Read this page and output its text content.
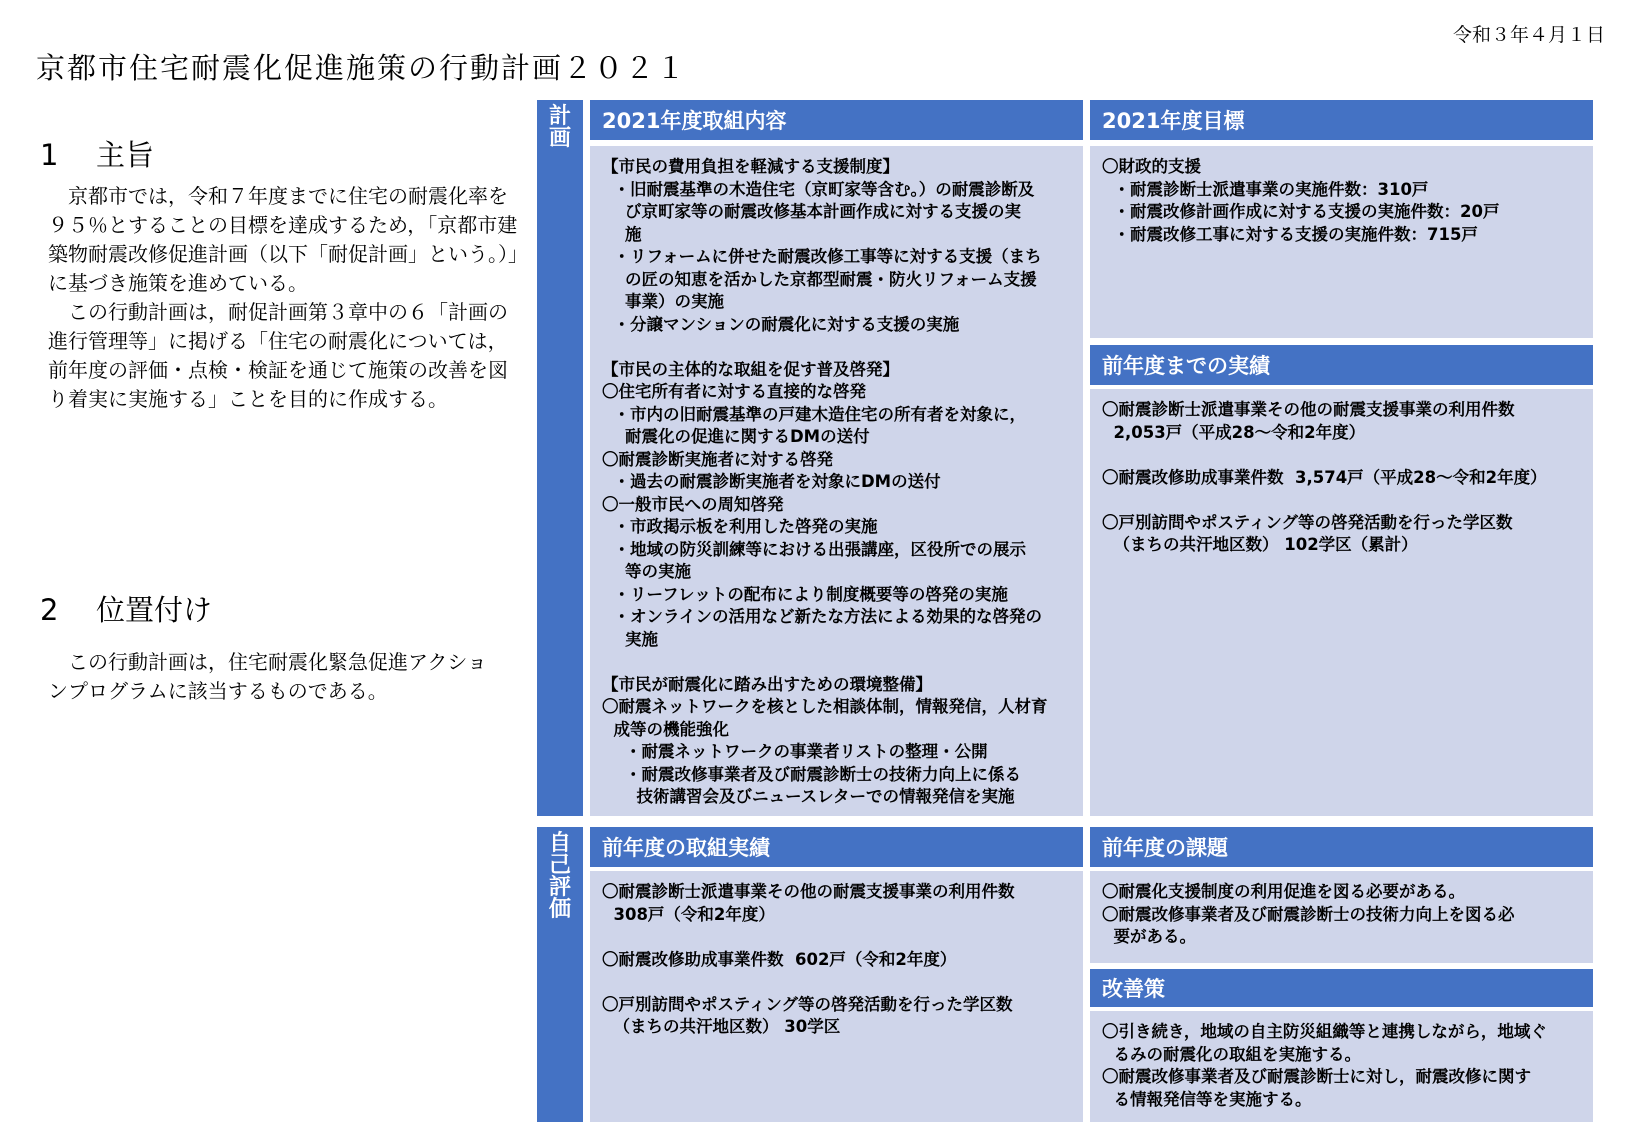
令和３年４月１日
京都市住宅耐震化促進施策の行動計画２０２１
1 主旨

京都市では，令和７年度までに住宅の耐震化率を９５％とすることの目標を達成するため，「京都市建築物耐震改修促進計画（以下「耐促計画」という。）」に基づき施策を進めている。

この行動計画は，耐促計画第３章中の６「計画の進行管理等」に掲げる「住宅の耐震化については，前年度の評価・点検・検証を通じて施策の改善を図り着実に実施する」ことを目的に作成する。

2 位置付け

この行動計画は，住宅耐震化緊急促進アクションプログラムに該当するものである。

計
画
2021年度取組内容
【市民の費用負担を軽減する支援制度】
・旧耐震基準の木造住宅（京町家等含む。）の耐震診断及
び京町家等の耐震改修基本計画作成に対する支援の実
施
・リフォームに併せた耐震改修工事等に対する支援（まち
の匠の知恵を活かした京都型耐震・防火リフォーム支援
事業）の実施
・分譲マンションの耐震化に対する支援の実施
【市民の主体的な取組を促す普及啓発】
〇住宅所有者に対する直接的な啓発
・市内の旧耐震基準の戸建木造住宅の所有者を対象に，
耐震化の促進に関するDMの送付
〇耐震診断実施者に対する啓発
・過去の耐震診断実施者を対象にDMの送付
〇一般市民への周知啓発
・市政掲示板を利用した啓発の実施
・地域の防災訓練等における出張講座，区役所での展示
等の実施
・リーフレットの配布により制度概要等の啓発の実施
・オンラインの活用など新たな方法による効果的な啓発の
実施
【市民が耐震化に踏み出すための環境整備】
〇耐震ネットワークを核とした相談体制，情報発信，人材育
成等の機能強化
・耐震ネットワークの事業者リストの整理・公開
・耐震改修事業者及び耐震診断士の技術力向上に係る
技術講習会及びニュースレターでの情報発信を実施
2021年度目標
〇財政的支援
・耐震診断士派遣事業の実施件数：310戸
・耐震改修計画作成に対する支援の実施件数：20戸
・耐震改修工事に対する支援の実施件数：715戸
前年度までの実績
〇耐震診断士派遣事業その他の耐震支援事業の利用件数
2,053戸（平成28～令和2年度）
〇耐震改修助成事業件数  3,574戸（平成28～令和2年度）
〇戸別訪問やポスティング等の啓発活動を行った学区数
（まちの共汗地区数） 102学区（累計）
自
己
評
価
前年度の取組実績
〇耐震診断士派遣事業その他の耐震支援事業の利用件数
308戸（令和2年度）
〇耐震改修助成事業件数  602戸（令和2年度）
〇戸別訪問やポスティング等の啓発活動を行った学区数
（まちの共汗地区数） 30学区
前年度の課題
〇耐震化支援制度の利用促進を図る必要がある。
〇耐震改修事業者及び耐震診断士の技術力向上を図る必
要がある。
改善策
〇引き続き，地域の自主防災組織等と連携しながら，地域ぐ
るみの耐震化の取組を実施する。
〇耐震改修事業者及び耐震診断士に対し，耐震改修に関す
る情報発信等を実施する。
